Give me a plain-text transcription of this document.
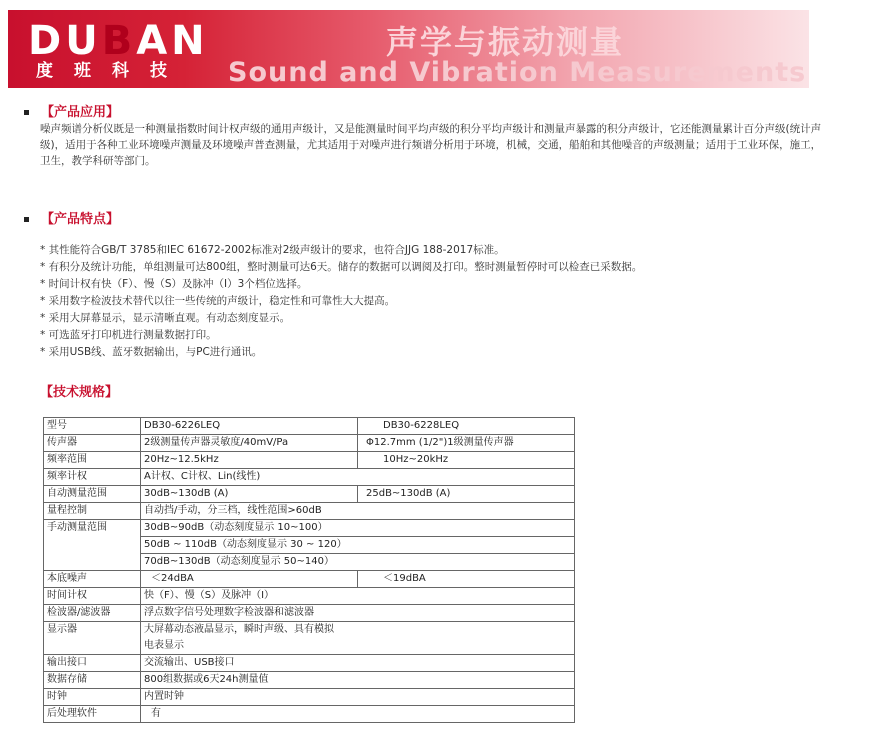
DUBAN
度班科技
声学与振动测量
Sound and Vibration Measurements
【产品应用】
噪声频谱分析仪既是一种测量指数时间计权声级的通用声级计，又是能测量时间平均声级的积分平均声级计和测量声暴露的积分声级计，它还能测量累计百分声级(统计声级)，适用于各种工业环境噪声测量及环境噪声普查测量，尤其适用于对噪声进行频谱分析用于环境，机械，交通，船舶和其他噪音的声级测量；适用于工业环保，施工，卫生，教学科研等部门。
【产品特点】
* 其性能符合GB/T 3785和IEC 61672-2002标准对2级声级计的要求，也符合JJG 188-2017标准。
* 有积分及统计功能，单组测量可达800组，整时测量可达6天。储存的数据可以调阅及打印。整时测量暂停时可以检查已采数据。
* 时间计权有快（F）、慢（S）及脉冲（I）3个档位选择。
* 采用数字检波技术替代以往一些传统的声级计，稳定性和可靠性大大提高。
* 采用大屏幕显示，显示清晰直观。有动态刻度显示。
* 可选蓝牙打印机进行测量数据打印。
* 采用USB线、蓝牙数据输出，与PC进行通讯。
【技术规格】
型号	DB30-6226LEQ	DB30-6228LEQ
传声器	2级测量传声器灵敏度/40mV/Pa	Φ12.7mm (1/2")1级测量传声器
频率范围	20Hz~12.5kHz	10Hz~20kHz
频率计权	A计权、C计权、Lin(线性)	
自动测量范围	30dB~130dB (A)	25dB~130dB (A)
量程控制	自动挡/手动，分三档，线性范围>60dB	
手动测量范围	30dB~90dB（动态刻度显示 10~100）	
	50dB ~ 110dB（动态刻度显示 30 ~ 120）	
	70dB~130dB（动态刻度显示 50~140）	
本底噪声	＜24dBA	＜19dBA
时间计权	快（F）、慢（S）及脉冲（I）	
检波器/滤波器	浮点数字信号处理数字检波器和滤波器	
显示器	大屏幕动态液晶显示，瞬时声级、具有模拟	
	电表显示	
输出接口	交流输出、USB接口	
数据存储	800组数据或6天24h测量值	
时钟	内置时钟	
后处理软件	有	
